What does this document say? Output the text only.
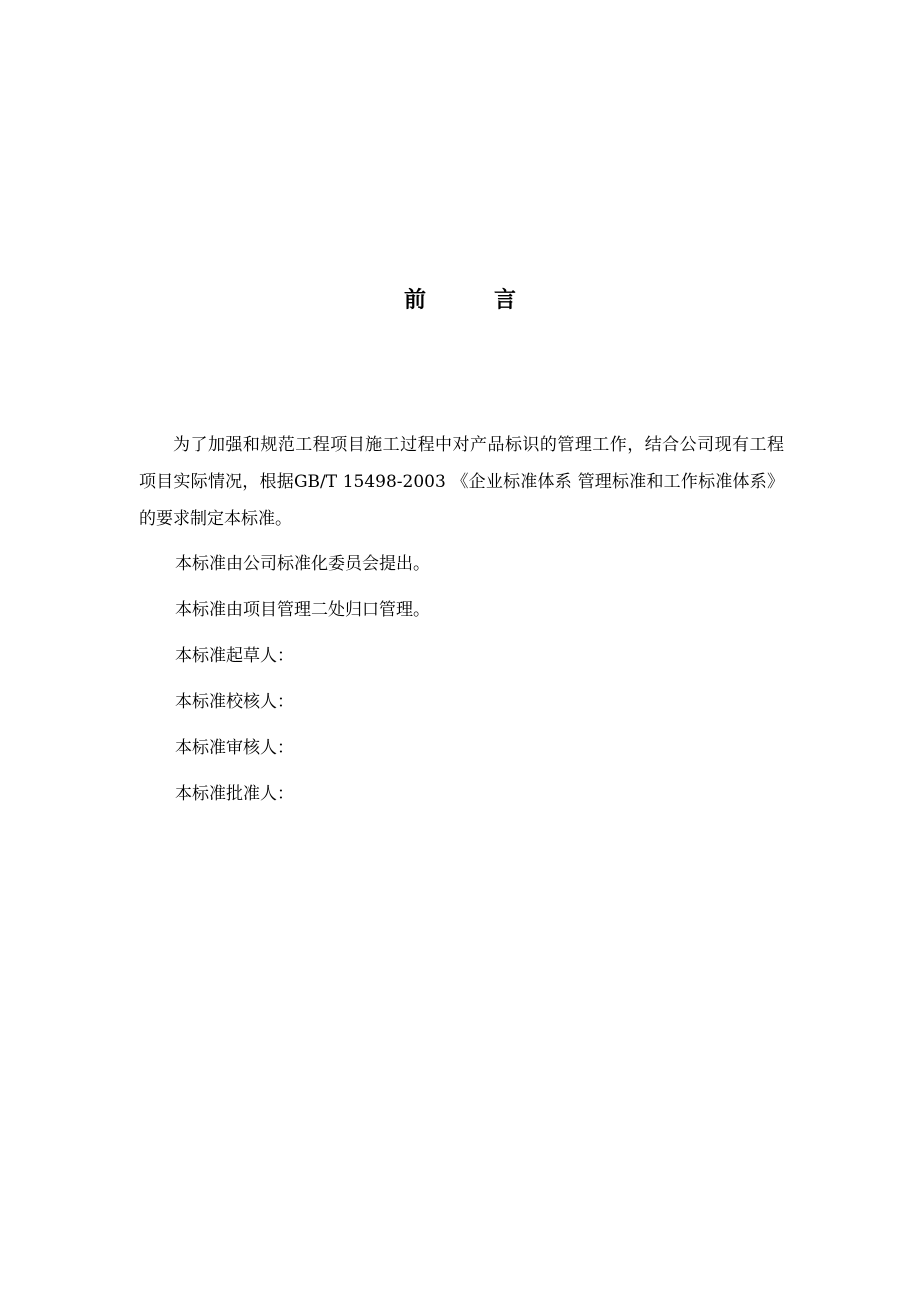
前	言

为了加强和规范工程项目施工过程中对产品标识的管理工作，结合公司现有工程项目实际情况，根据GB/T 15498-2003 《企业标准体系 管理标准和工作标准体系》的要求制定本标准。

本标准由公司标准化委员会提出。

本标准由项目管理二处归口管理。

本标准起草人：

本标准校核人：

本标准审核人：

本标准批准人：
